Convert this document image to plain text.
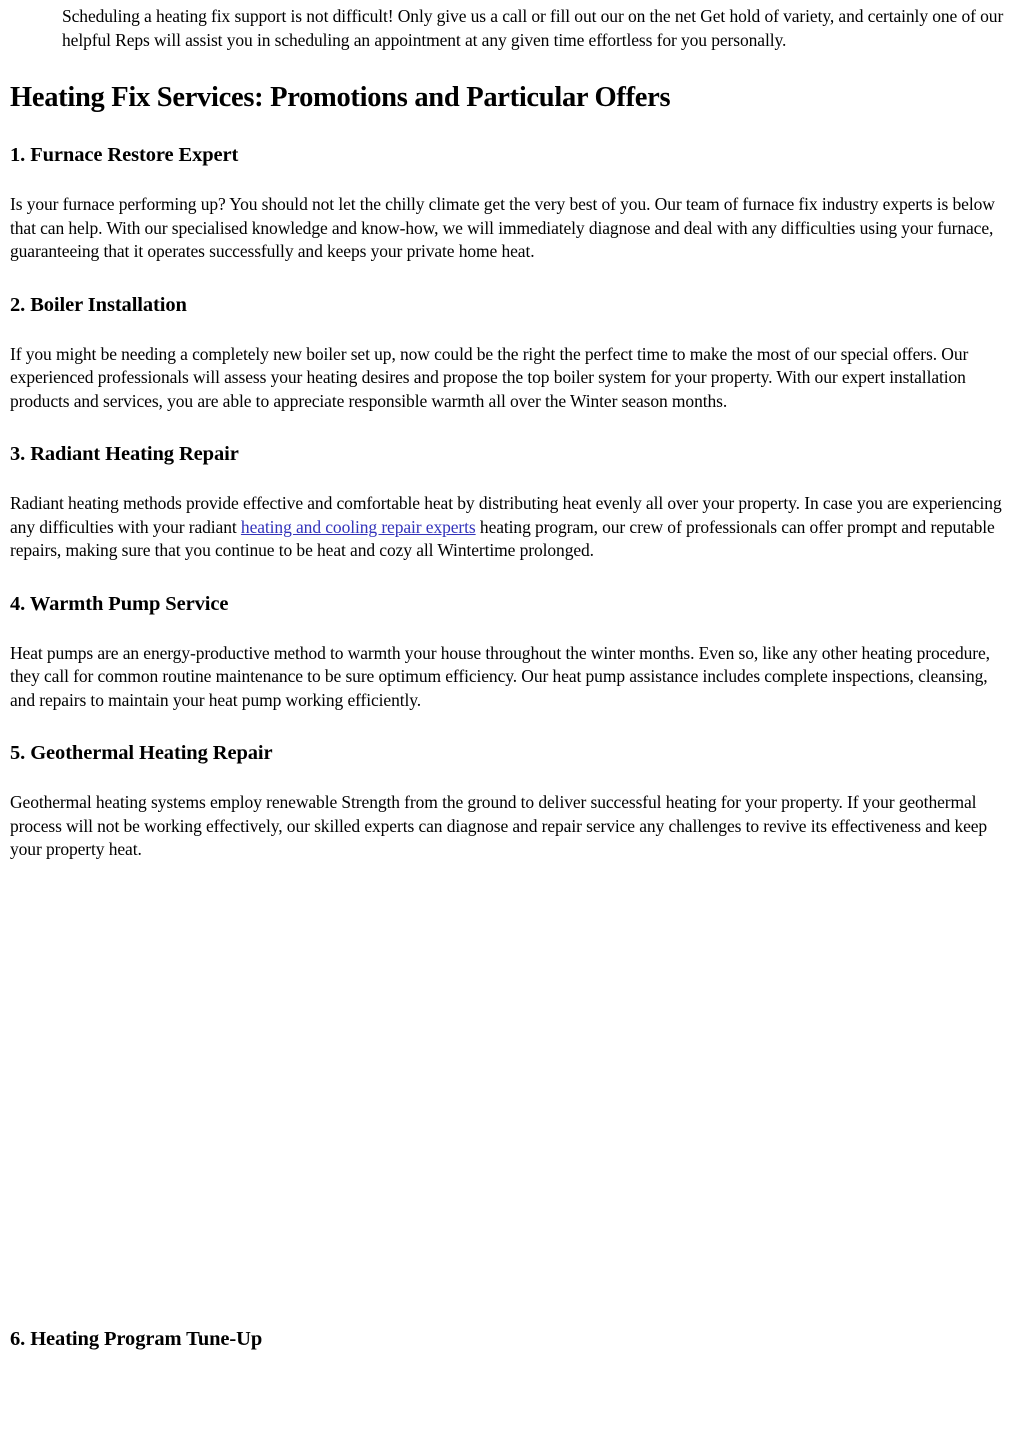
Scheduling a heating fix support is not difficult! Only give us a call or fill out our on the net Get hold of variety, and certainly one of our helpful Reps will assist you in scheduling an appointment at any given time effortless for you personally.

Heating Fix Services: Promotions and Particular Offers
1. Furnace Restore Expert

Is your furnace performing up? You should not let the chilly climate get the very best of you. Our team of furnace fix industry experts is below that can help. With our specialised knowledge and know-how, we will immediately diagnose and deal with any difficulties using your furnace, guaranteeing that it operates successfully and keeps your private home heat.

2. Boiler Installation

If you might be needing a completely new boiler set up, now could be the right the perfect time to make the most of our special offers. Our experienced professionals will assess your heating desires and propose the top boiler system for your property. With our expert installation products and services, you are able to appreciate responsible warmth all over the Winter season months.

3. Radiant Heating Repair

Radiant heating methods provide effective and comfortable heat by distributing heat evenly all over your property. In case you are experiencing any difficulties with your radiant heating and cooling repair experts heating program, our crew of professionals can offer prompt and reputable repairs, making sure that you continue to be heat and cozy all Wintertime prolonged.

4. Warmth Pump Service

Heat pumps are an energy-productive method to warmth your house throughout the winter months. Even so, like any other heating procedure, they call for common routine maintenance to be sure optimum efficiency. Our heat pump assistance includes complete inspections, cleansing, and repairs to maintain your heat pump working efficiently.

5. Geothermal Heating Repair

Geothermal heating systems employ renewable Strength from the ground to deliver successful heating for your property. If your geothermal process will not be working effectively, our skilled experts can diagnose and repair service any challenges to revive its effectiveness and keep your property heat.

6. Heating Program Tune-Up
